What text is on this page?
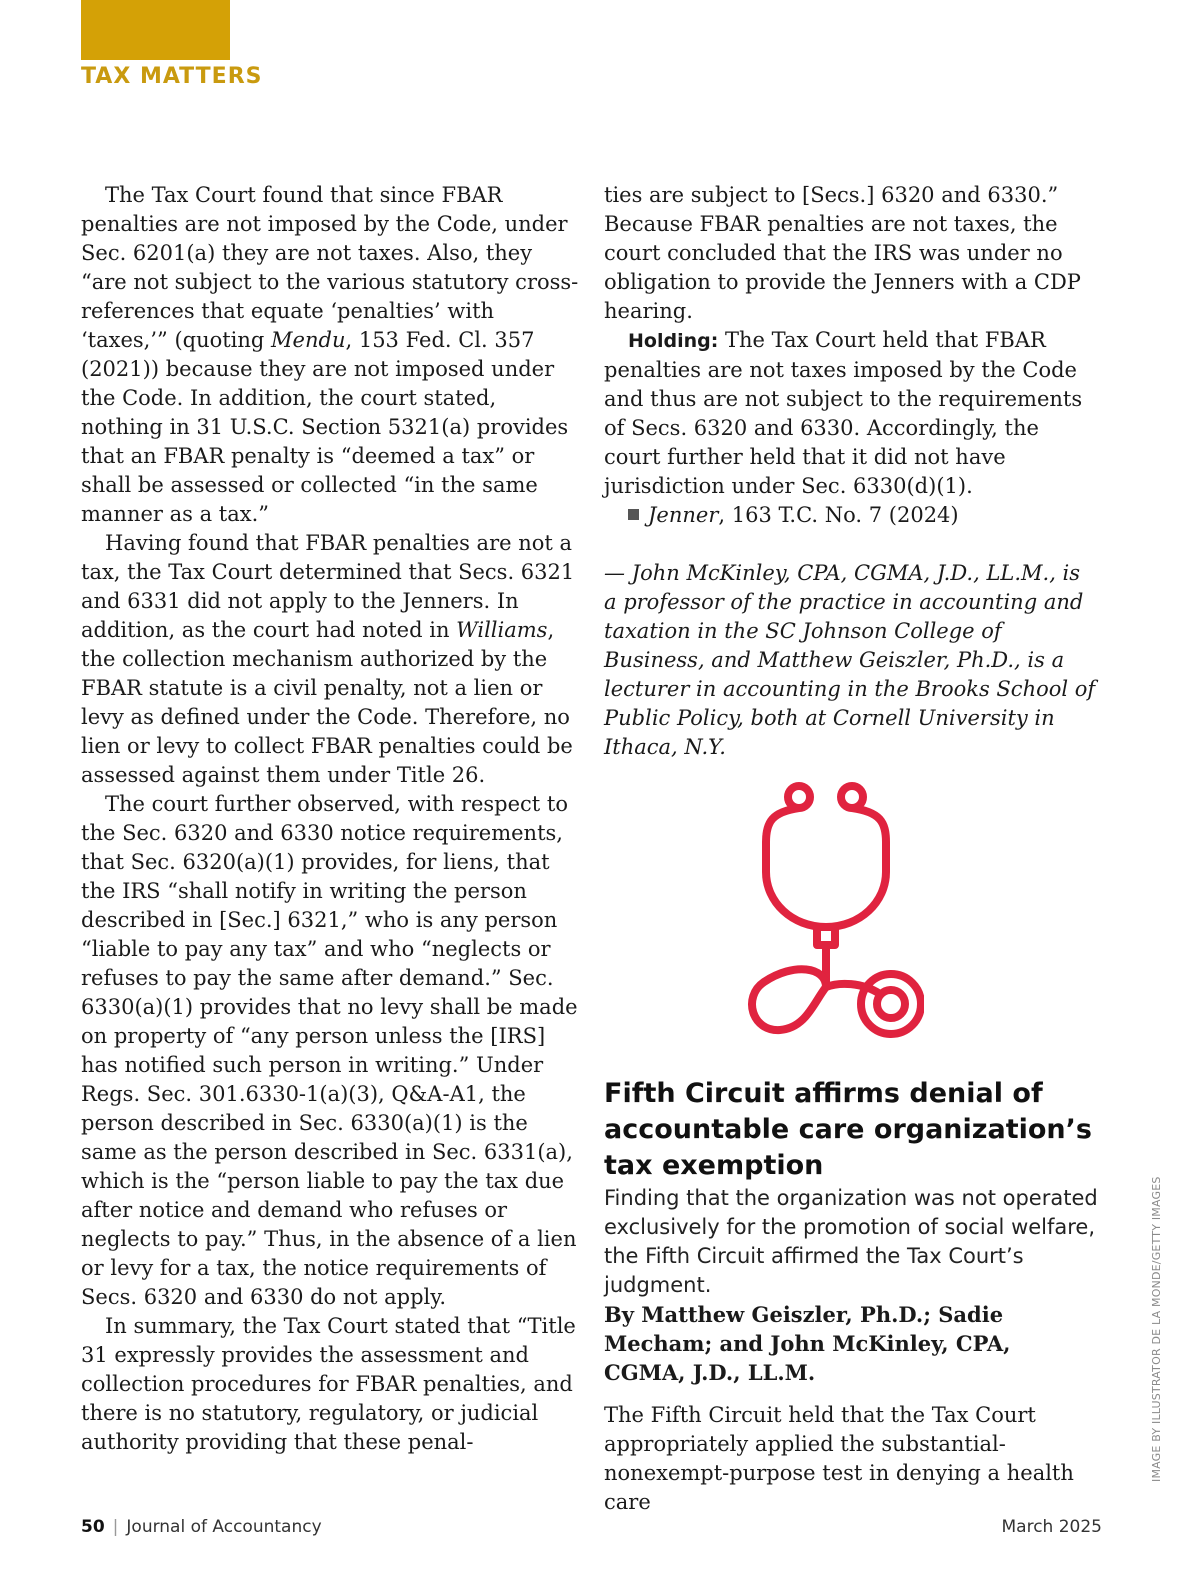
TAX MATTERS

The Tax Court found that since FBAR penalties are not imposed by the Code, under Sec. 6201(a) they are not taxes. Also, they “are not subject to the various statutory cross-references that equate ‘penalties’ with ‘taxes,’” (quoting Mendu, 153 Fed. Cl. 357 (2021)) because they are not imposed under the Code. In addition, the court stated, nothing in 31 U.S.C. Section 5321(a) provides that an FBAR penalty is “deemed a tax” or shall be assessed or collected “in the same manner as a tax.”

Having found that FBAR penalties are not a tax, the Tax Court determined that Secs. 6321 and 6331 did not apply to the Jenners. In addition, as the court had noted in Williams, the collection mechanism authorized by the FBAR statute is a civil penalty, not a lien or levy as defined under the Code. Therefore, no lien or levy to collect FBAR penalties could be assessed against them under Title 26.

The court further observed, with respect to the Sec. 6320 and 6330 notice requirements, that Sec. 6320(a)(1) provides, for liens, that the IRS “shall notify in writing the person described in [Sec.] 6321,” who is any person “liable to pay any tax” and who “neglects or refuses to pay the same after demand.” Sec. 6330(a)(1) provides that no levy shall be made on property of “any person unless the [IRS] has notified such person in writing.” Under Regs. Sec. 301.6330-1(a)(3), Q&A-A1, the person described in Sec. 6330(a)(1) is the same as the person described in Sec. 6331(a), which is the “person liable to pay the tax due after notice and demand who refuses or neglects to pay.” Thus, in the absence of a lien or levy for a tax, the notice requirements of Secs. 6320 and 6330 do not apply.

In summary, the Tax Court stated that “Title 31 expressly provides the assessment and collection procedures for FBAR penalties, and there is no statutory, regulatory, or judicial authority providing that these penal-

ties are subject to [Secs.] 6320 and 6330.” Because FBAR penalties are not taxes, the court concluded that the IRS was under no obligation to provide the Jenners with a CDP hearing.

Holding: The Tax Court held that FBAR penalties are not taxes imposed by the Code and thus are not subject to the requirements of Secs. 6320 and 6330. Accordingly, the court further held that it did not have jurisdiction under Sec. 6330(d)(1).

Jenner, 163 T.C. No. 7 (2024)

— John McKinley, CPA, CGMA, J.D., LL.M., is a professor of the practice in accounting and taxation in the SC Johnson College of Business, and Matthew Geiszler, Ph.D., is a lecturer in accounting in the Brooks School of Public Policy, both at Cornell University in Ithaca, N.Y.

Fifth Circuit affirms denial of accountable care organization’s tax exemption

Finding that the organization was not operated exclusively for the promotion of social welfare, the Fifth Circuit affirmed the Tax Court’s judgment.

By Matthew Geiszler, Ph.D.; Sadie Mecham; and John McKinley, CPA, CGMA, J.D., LL.M.

The Fifth Circuit held that the Tax Court appropriately applied the substantial-nonexempt-purpose test in denying a health care

IMAGE BY ILLUSTRATOR DE LA MONDE/GETTY IMAGES
50 | Journal of Accountancy	March 2025
